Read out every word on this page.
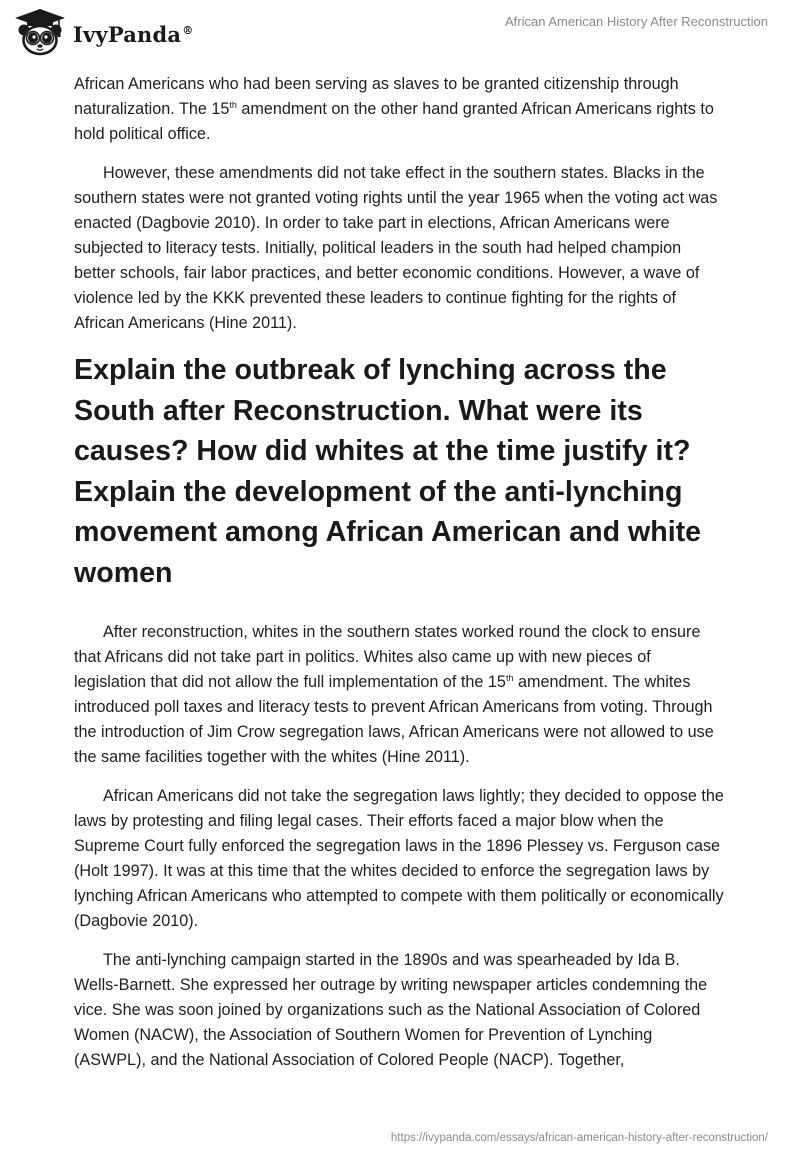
IvyPanda®
African American History After Reconstruction

African Americans who had been serving as slaves to be granted citizenship through naturalization. The 15th amendment on the other hand granted African Americans rights to hold political office.

However, these amendments did not take effect in the southern states. Blacks in the southern states were not granted voting rights until the year 1965 when the voting act was enacted (Dagbovie 2010). In order to take part in elections, African Americans were subjected to literacy tests. Initially, political leaders in the south had helped champion better schools, fair labor practices, and better economic conditions. However, a wave of violence led by the KKK prevented these leaders to continue fighting for the rights of African Americans (Hine 2011).

Explain the outbreak of lynching across the South after Reconstruction. What were its causes? How did whites at the time justify it? Explain the development of the anti-lynching movement among African American and white women

After reconstruction, whites in the southern states worked round the clock to ensure that Africans did not take part in politics. Whites also came up with new pieces of legislation that did not allow the full implementation of the 15th amendment. The whites introduced poll taxes and literacy tests to prevent African Americans from voting. Through the introduction of Jim Crow segregation laws, African Americans were not allowed to use the same facilities together with the whites (Hine 2011).

African Americans did not take the segregation laws lightly; they decided to oppose the laws by protesting and filing legal cases. Their efforts faced a major blow when the Supreme Court fully enforced the segregation laws in the 1896 Plessey vs. Ferguson case (Holt 1997). It was at this time that the whites decided to enforce the segregation laws by lynching African Americans who attempted to compete with them politically or economically (Dagbovie 2010).

The anti-lynching campaign started in the 1890s and was spearheaded by Ida B. Wells-Barnett. She expressed her outrage by writing newspaper articles condemning the vice. She was soon joined by organizations such as the National Association of Colored Women (NACW), the Association of Southern Women for Prevention of Lynching (ASWPL), and the National Association of Colored People (NACP). Together,

https://ivypanda.com/essays/african-american-history-after-reconstruction/
